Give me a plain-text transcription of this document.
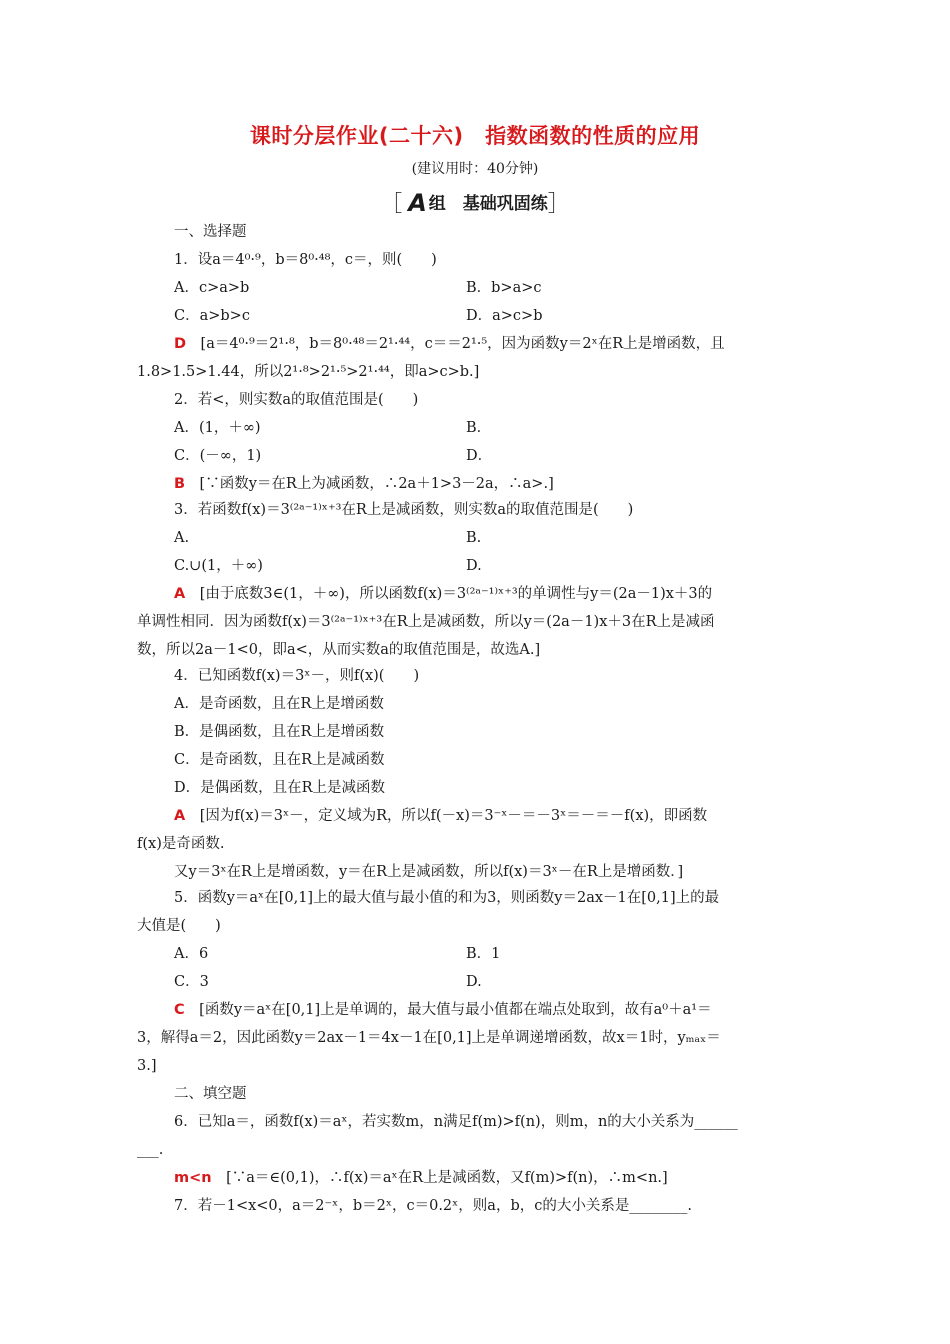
课时分层作业(二十六)　指数函数的性质的应用
(建议用时：40分钟)
［ A 组　基础巩固练］
一、选择题
1．设a＝4⁰·⁹，b＝8⁰·⁴⁸，c＝，则(　　)
A．c>a>b	B．b>a>c
C．a>b>c	D．a>c>b
D　[a＝4⁰·⁹＝2¹·⁸，b＝8⁰·⁴⁸＝2¹·⁴⁴，c＝＝2¹·⁵，因为函数y＝2ˣ在R上是增函数，且
1.8>1.5>1.44，所以2¹·⁸>2¹·⁵>2¹·⁴⁴，即a>c>b.]
2．若<，则实数a的取值范围是(　　)
A．(1，＋∞)	B．
C．(－∞，1)	D．
B　[∵函数y＝在R上为减函数，∴2a＋1>3－2a，∴a>.]
3．若函数f(x)＝3⁽²ᵃ⁻¹⁾ˣ⁺³在R上是减函数，则实数a的取值范围是(　　)
A.	B.
C.∪(1，＋∞)	D.
A　[由于底数3∈(1，＋∞)，所以函数f(x)＝3⁽²ᵃ⁻¹⁾ˣ⁺³的单调性与y＝(2a－1)x＋3的
单调性相同．因为函数f(x)＝3⁽²ᵃ⁻¹⁾ˣ⁺³在R上是减函数，所以y＝(2a－1)x＋3在R上是减函
数，所以2a－1<0，即a<，从而实数a的取值范围是，故选A.]
4．已知函数f(x)＝3ˣ－，则f(x)(　　)
A．是奇函数，且在R上是增函数
B．是偶函数，且在R上是增函数
C．是奇函数，且在R上是减函数
D．是偶函数，且在R上是减函数
A　[因为f(x)＝3ˣ－，定义域为R，所以f(－x)＝3⁻ˣ－＝－3ˣ＝－＝－f(x)，即函数
f(x)是奇函数.
又y＝3ˣ在R上是增函数，y＝在R上是减函数，所以f(x)＝3ˣ－在R上是增函数．]
5．函数y＝aˣ在[0,1]上的最大值与最小值的和为3，则函数y＝2ax－1在[0,1]上的最
大值是(　　)
A．6	B．1
C．3	D.
C　[函数y＝aˣ在[0,1]上是单调的，最大值与最小值都在端点处取到，故有a⁰＋a¹＝
3，解得a＝2，因此函数y＝2ax－1＝4x－1在[0,1]上是单调递增函数，故x＝1时，yₘₐₓ＝
3.]
二、填空题
6．已知a＝，函数f(x)＝aˣ，若实数m，n满足f(m)>f(n)，则m，n的大小关系为______
___.
m<n　[∵a＝∈(0,1)，∴f(x)＝aˣ在R上是减函数，又f(m)>f(n)，∴m<n.]
7．若－1<x<0，a＝2⁻ˣ，b＝2ˣ，c＝0.2ˣ，则a，b，c的大小关系是________.
